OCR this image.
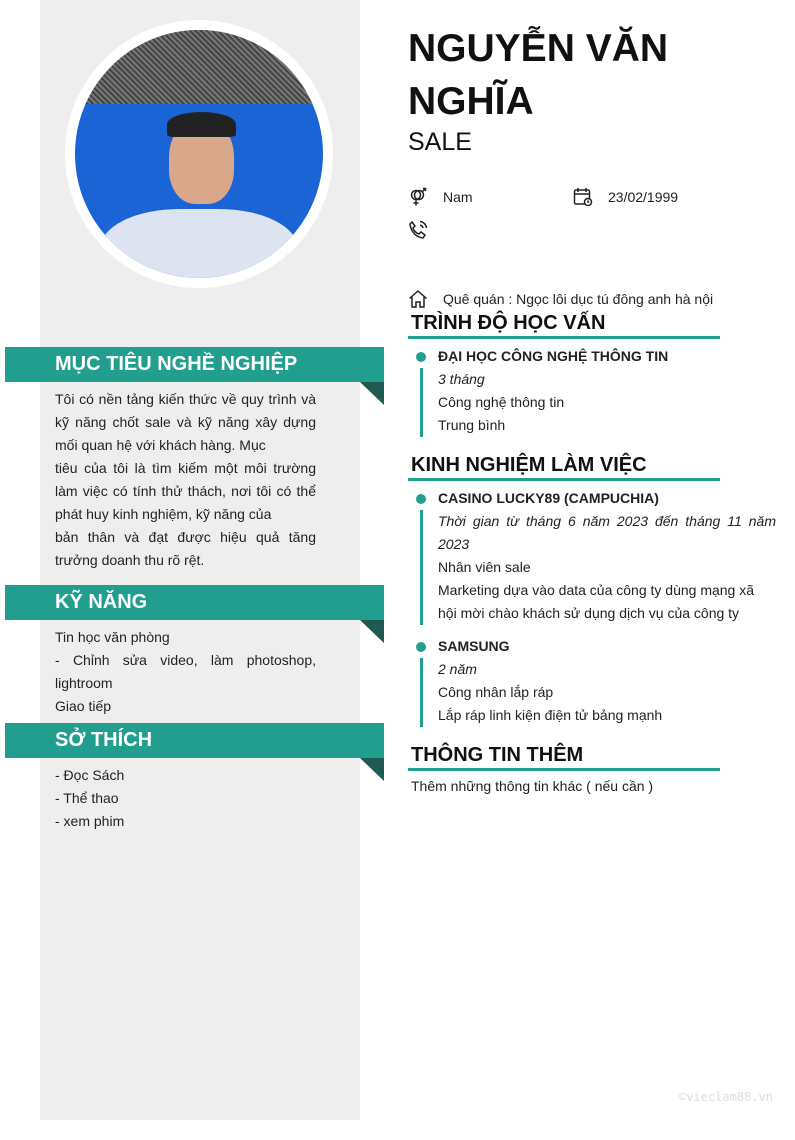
MỤC TIÊU NGHỀ NGHIỆP
Tôi có nền tảng kiến thức về quy trình và kỹ năng chốt sale và kỹ năng xây dựng mối quan hệ với khách hàng. Mục
tiêu của tôi là tìm kiếm một môi trường làm việc có tính thử thách, nơi tôi có thể phát huy kinh nghiệm, kỹ năng của
bản thân và đạt được hiệu quả tăng trưởng doanh thu rõ rệt.
KỸ NĂNG
Tin học văn phòng
- Chỉnh sửa video, làm photoshop, lightroom
Giao tiếp
SỞ THÍCH
- Đọc Sách
- Thể thao
- xem phim
NGUYỄN VĂN NGHĨA
SALE
Nam	23/02/1999
Quê quán : Ngọc lôi dục tú đông anh hà nội
TRÌNH ĐỘ HỌC VẤN
ĐẠI HỌC CÔNG NGHỆ THÔNG TIN
3 tháng
Công nghệ thông tin
Trung bình
KINH NGHIỆM LÀM VIỆC
CASINO LUCKY89 (CAMPUCHIA)
Thời gian từ tháng 6 năm 2023 đến tháng 11 năm 2023
Nhân viên sale
Marketing dựa vào data của công ty dùng mạng xã hội mời chào khách sử dụng dịch vụ của công ty
SAMSUNG
2 năm
Công nhân lắp ráp
Lắp ráp linh kiện điện tử bảng mạnh
THÔNG TIN THÊM
Thêm những thông tin khác ( nếu cần )
©vieclam88.vn
